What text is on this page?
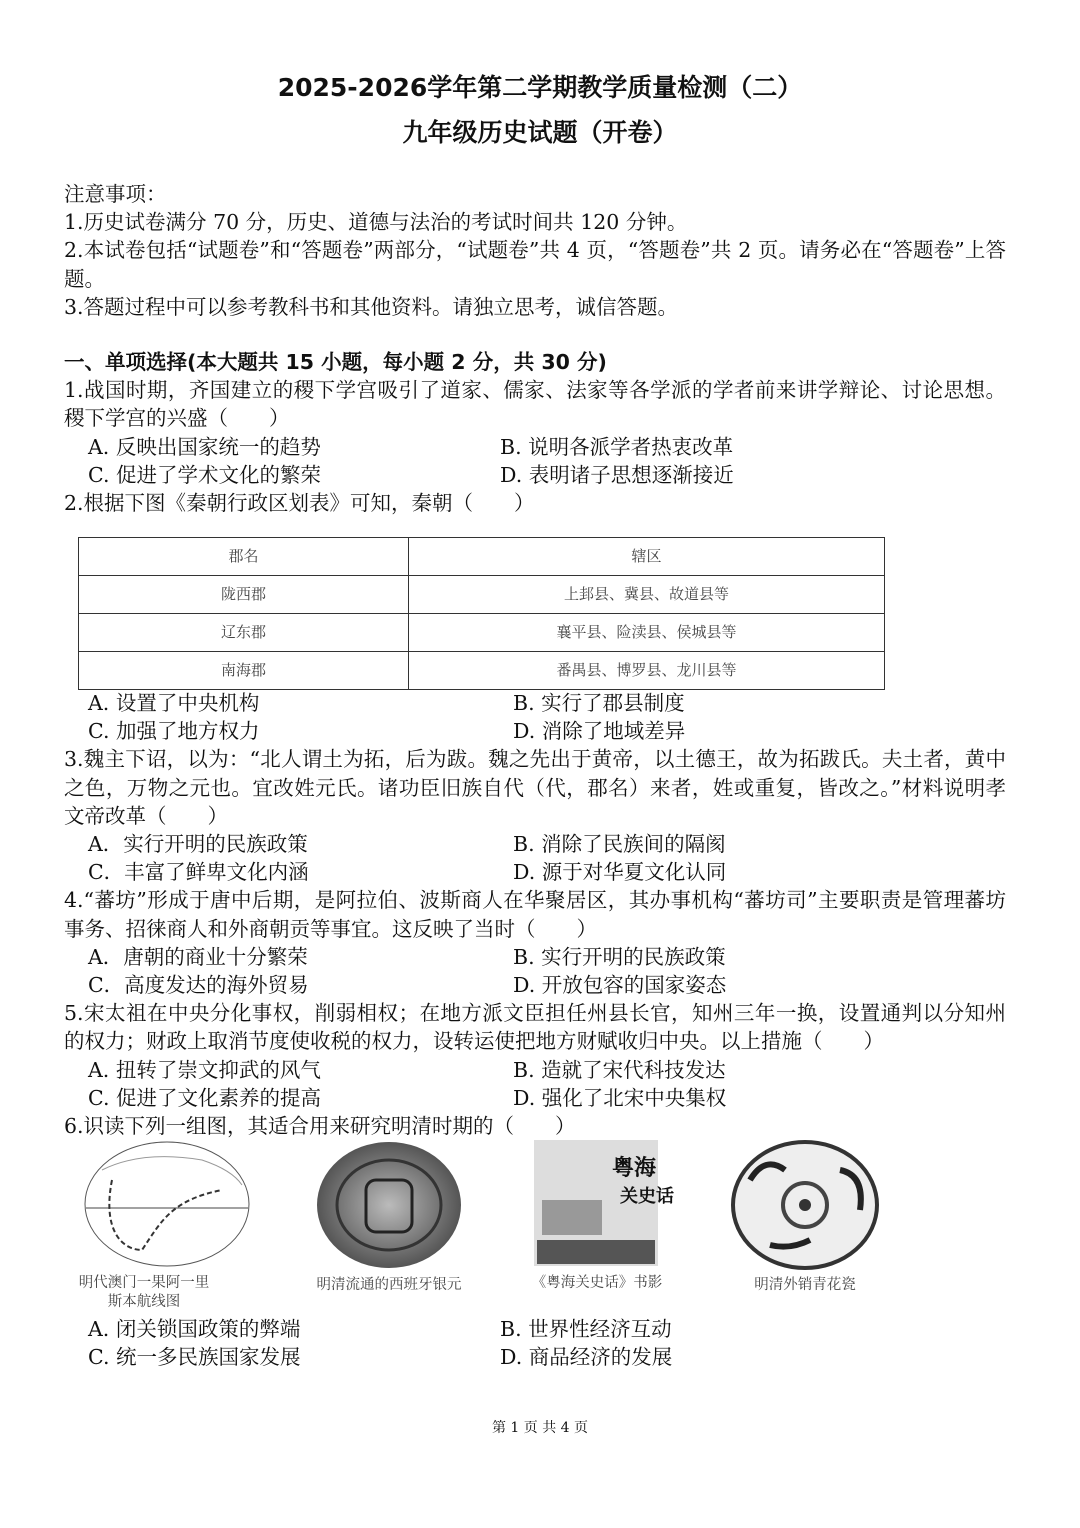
2025-2026学年第二学期教学质量检测（二）
九年级历史试题（开卷）

注意事项：

1.历史试卷满分 70 分，历史、道德与法治的考试时间共 120 分钟。

2.本试卷包括“试题卷”和“答题卷”两部分，“试题卷”共 4 页，“答题卷”共 2 页。请务必在“答题卷”上答题。

3.答题过程中可以参考教科书和其他资料。请独立思考，诚信答题。

一、单项选择(本大题共 15 小题，每小题 2 分，共 30 分)

1.战国时期，齐国建立的稷下学宫吸引了道家、儒家、法家等各学派的学者前来讲学辩论、讨论思想。稷下学宫的兴盛（　　）

A. 反映出国家统一的趋势	B. 说明各派学者热衷改革
C. 促进了学术文化的繁荣	D. 表明诸子思想逐渐接近

2.根据下图《秦朝行政区划表》可知，秦朝（　　）

郡名	辖区
陇西郡	上邽县、冀县、故道县等
辽东郡	襄平县、险渎县、侯城县等
南海郡	番禺县、博罗县、龙川县等
A. 设置了中央机构	B. 实行了郡县制度
C. 加强了地方权力	D. 消除了地域差异

3.魏主下诏，以为：“北人谓土为拓，后为跋。魏之先出于黄帝，以土德王，故为拓跋氏。夫土者，黄中之色，万物之元也。宜改姓元氏。诸功臣旧族自代（代，郡名）来者，姓或重复，皆改之。”材料说明孝文帝改革（　　）

A．实行开明的民族政策	B. 消除了民族间的隔阂
C．丰富了鲜卑文化内涵	D. 源于对华夏文化认同

4.“蕃坊”形成于唐中后期，是阿拉伯、波斯商人在华聚居区，其办事机构“蕃坊司”主要职责是管理蕃坊事务、招徕商人和外商朝贡等事宜。这反映了当时（　　）

A．唐朝的商业十分繁荣	B. 实行开明的民族政策
C．高度发达的海外贸易	D. 开放包容的国家姿态

5.宋太祖在中央分化事权，削弱相权；在地方派文臣担任州县长官，知州三年一换，设置通判以分知州的权力；财政上取消节度使收税的权力，设转运使把地方财赋收归中央。以上措施（　　）

A. 扭转了崇文抑武的风气	B. 造就了宋代科技发达
C. 促进了文化素养的提高	D. 强化了北宋中央集权

6.识读下列一组图，其适合用来研究明清时期的（　　）

明代澳门一果阿一里斯本航线图
明清流通的西班牙银元
粤海
关史话
《粤海关史话》书影	明清外销青花瓷
A. 闭关锁国政策的弊端	B. 世界性经济互动
C. 统一多民族国家发展	D. 商品经济的发展
第 1 页 共 4 页
